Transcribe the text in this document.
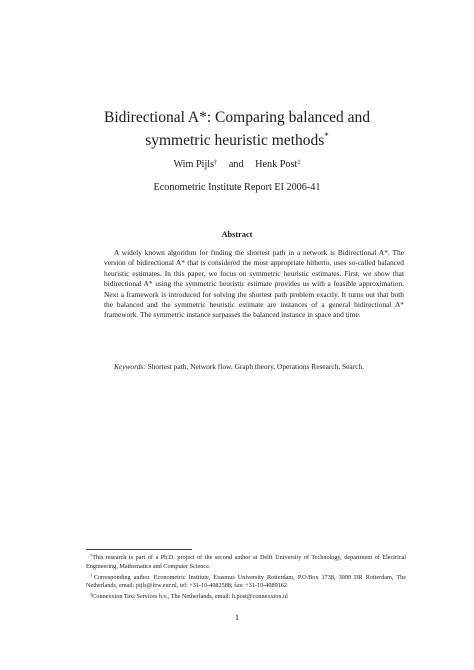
Bidirectional A*: Comparing balanced and symmetric heuristic methods*
Wim Pijls† and Henk Post‡
Econometric Institute Report EI 2006-41
Abstract

A widely known algorithm for finding the shortest path in a network is Bidirectional A*. The version of bidirectional A* that is considered the most appropriate hitherto, uses so-called balanced heuristic estimates. In this paper, we focus on symmetric heuristic estimates. First, we show that bidirectional A* using the symmetric heuristic estimate provides us with a feasible approximation. Next a framework is introduced for solving the shortest path problem exactly. It turns out that both the balanced and the symmetric heuristic estimate are instances of a general bidirectional A* framework. The symmetric instance surpasses the balanced instance in space and time.

Keywords: Shortest path, Network flow, Graph theory, Operations Research, Search.

*This research is part of a Ph.D. project of the second author at Delft University of Technology, department of Electrical Engineering, Mathematics and Computer Science.

†Corresponding author. Econometric Institute, Erasmus University Rotterdam, P.O.Box 1738, 3000 DR Rotterdam, The Netherlands, email: pijls@few.eur.nl, tel: +31-10-4082588; fax: +31-10-4089162

‡Connexxion Taxi Services b.v., The Netherlands, email: h.post@connexxion.nl

1
